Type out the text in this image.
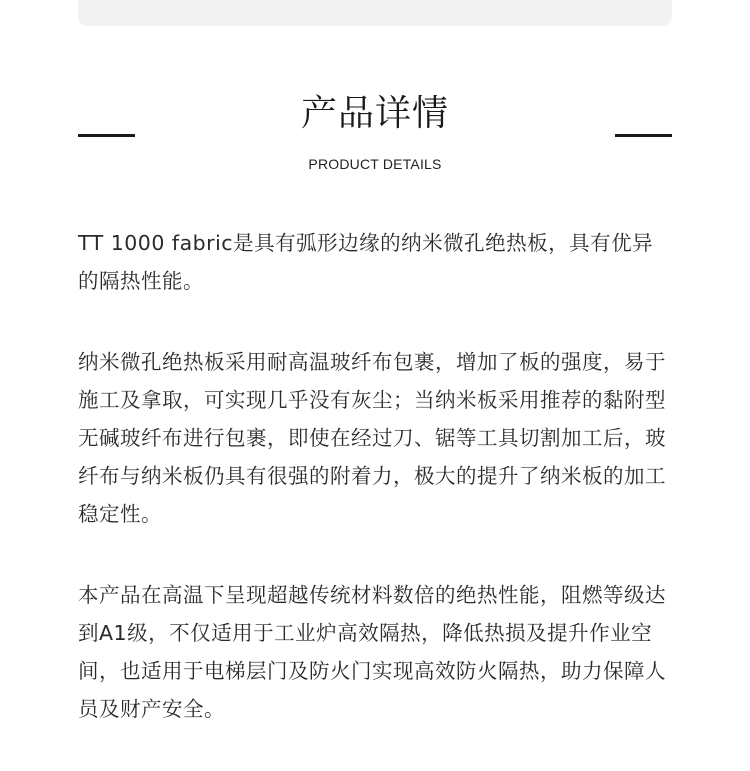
产品详情
PRODUCT DETAILS

TT 1000 fabric是具有弧形边缘的纳米微孔绝热板，具有优异的隔热性能。

纳米微孔绝热板采用耐高温玻纤布包裹，增加了板的强度，易于施工及拿取，可实现几乎没有灰尘；当纳米板采用推荐的黏附型无碱玻纤布进行包裹，即使在经过刀、锯等工具切割加工后，玻纤布与纳米板仍具有很强的附着力，极大的提升了纳米板的加工稳定性。

本产品在高温下呈现超越传统材料数倍的绝热性能，阻燃等级达到A1级，不仅适用于工业炉高效隔热，降低热损及提升作业空间，也适用于电梯层门及防火门实现高效防火隔热，助力保障人员及财产安全。
